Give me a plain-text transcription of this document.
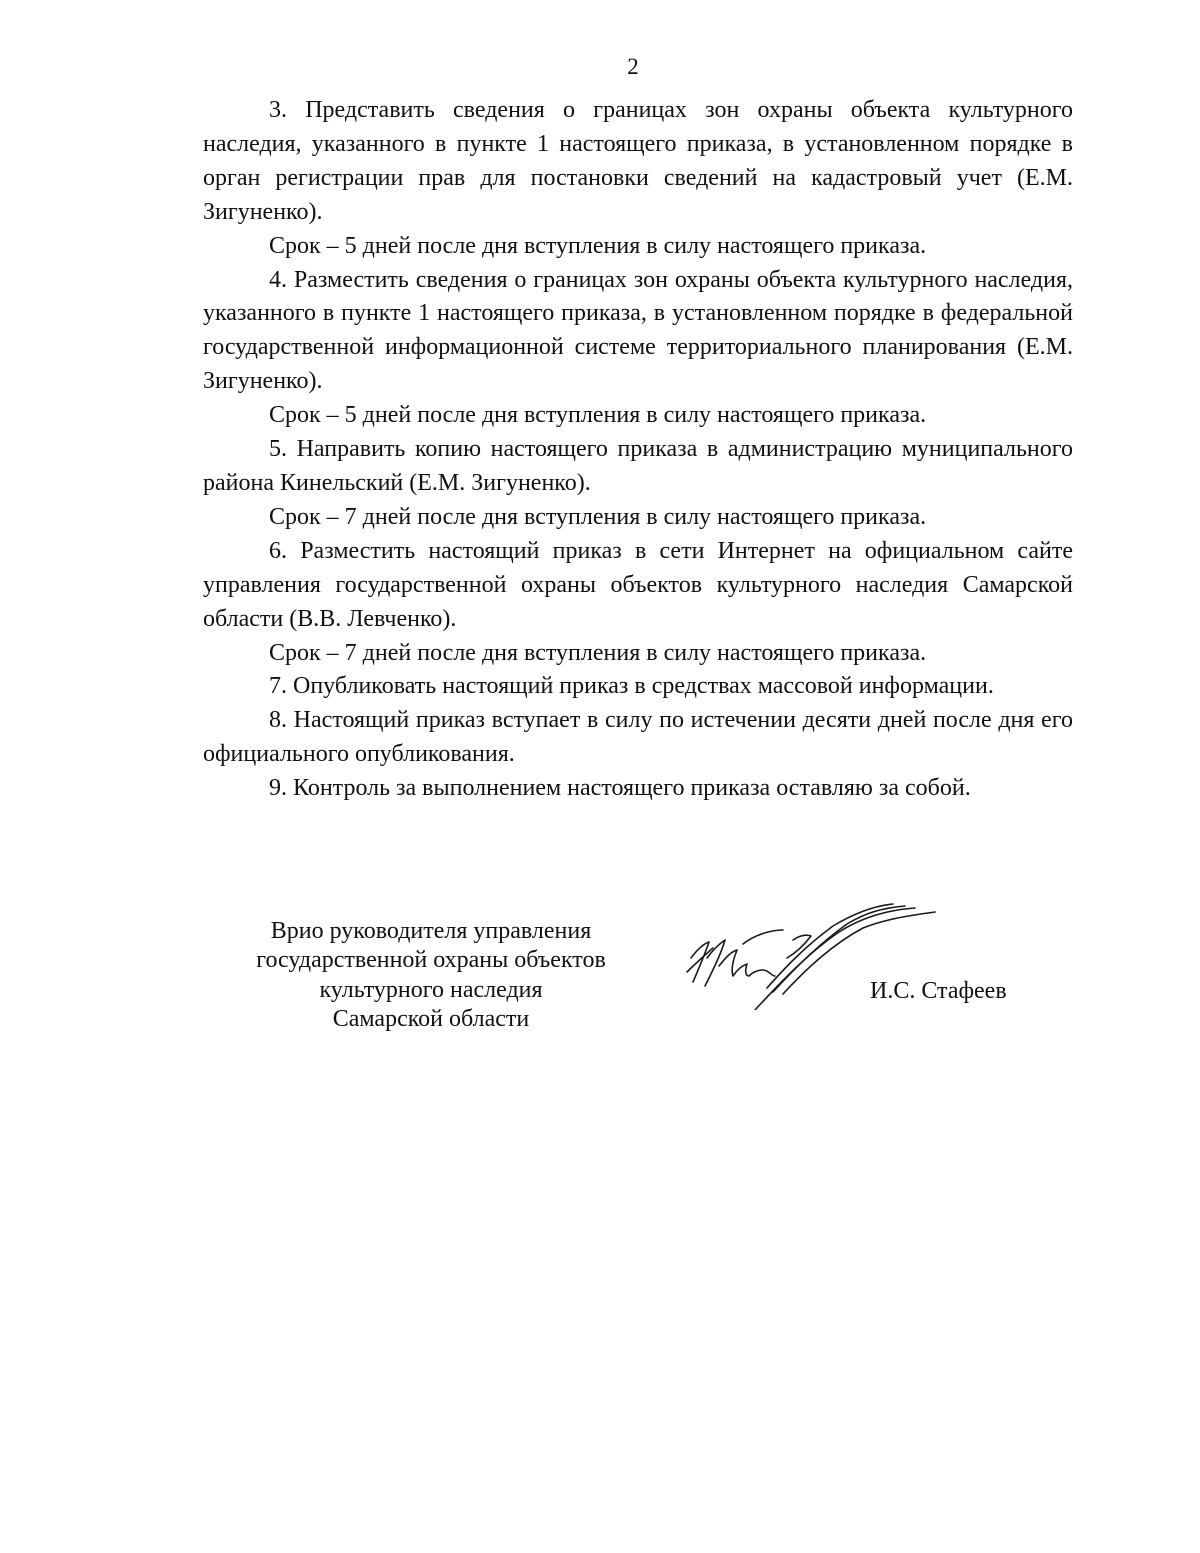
2

3. Представить сведения о границах зон охраны объекта культурного наследия, указанного в пункте 1 настоящего приказа, в установленном порядке в орган регистрации прав для постановки сведений на кадастровый учет (Е.М. Зигуненко).

Срок – 5 дней после дня вступления в силу настоящего приказа.

4. Разместить сведения о границах зон охраны объекта культурного наследия, указанного в пункте 1 настоящего приказа, в установленном порядке в федеральной государственной информационной системе территориального планирования (Е.М. Зигуненко).

Срок – 5 дней после дня вступления в силу настоящего приказа.

5. Направить копию настоящего приказа в администрацию муниципального района Кинельский (Е.М. Зигуненко).

Срок – 7 дней после дня вступления в силу настоящего приказа.

6. Разместить настоящий приказ в сети Интернет на официальном сайте управления государственной охраны объектов культурного наследия Самарской области (В.В. Левченко).

Срок – 7 дней после дня вступления в силу настоящего приказа.

7. Опубликовать настоящий приказ в средствах массовой информации.

8. Настоящий приказ вступает в силу по истечении десяти дней после дня его официального опубликования.

9. Контроль за выполнением настоящего приказа оставляю за собой.

Врио руководителя управления
государственной охраны объектов
культурного наследия
Самарской области
И.С. Стафеев
